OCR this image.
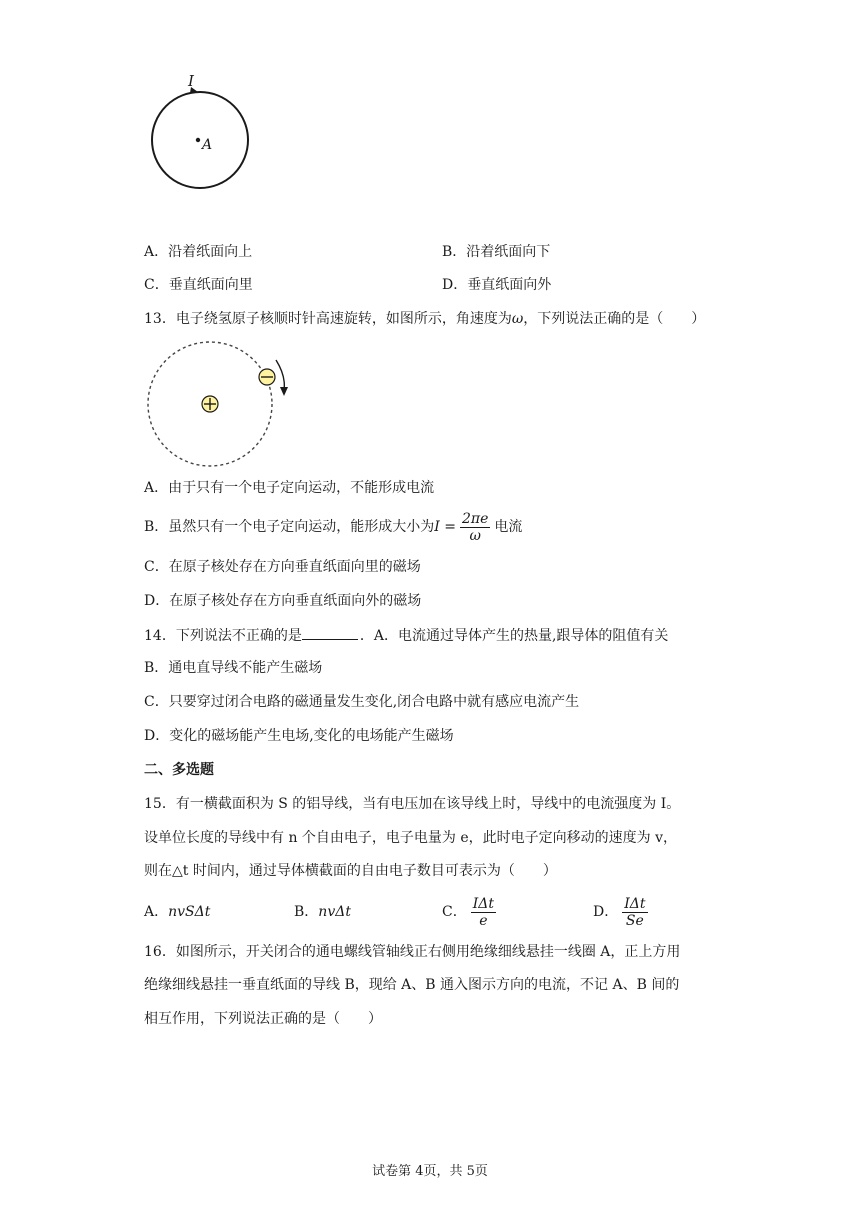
I
A
A．沿着纸面向上	B．沿着纸面向下
C．垂直纸面向里	D．垂直纸面向外
13．电子绕氢原子核顺时针高速旋转，如图所示，角速度为ω，下列说法正确的是（　　）
A．由于只有一个电子定向运动，不能形成电流
B．虽然只有一个电子定向运动，能形成大小为$I = \frac{2\pi e}{\omega}$ 电流
C．在原子核处存在方向垂直纸面向里的磁场
D．在原子核处存在方向垂直纸面向外的磁场
14．下列说法不正确的是	．A．电流通过导体产生的热量,跟导体的阻值有关
B．通电直导线不能产生磁场
C．只要穿过闭合电路的磁通量发生变化,闭合电路中就有感应电流产生
D．变化的磁场能产生电场,变化的电场能产生磁场
二、多选题
15．有一横截面积为 S 的铝导线，当有电压加在该导线上时，导线中的电流强度为 I。
设单位长度的导线中有 n 个自由电子，电子电量为 e，此时电子定向移动的速度为 v，
则在△t 时间内，通过导体横截面的自由电子数目可表示为（　　）
A．nvSΔt	B．nvΔt	C． $\frac{\text{IΔt}}{e}$	D． $\frac{\text{IΔt}}{Se}$
16．如图所示，开关闭合的通电螺线管轴线正右侧用绝缘细线悬挂一线圈 A，正上方用
绝缘细线悬挂一垂直纸面的导线 B，现给 A、B 通入图示方向的电流，不记 A、B 间的
相互作用，下列说法正确的是（　　）
试卷第 4页，共 5页
